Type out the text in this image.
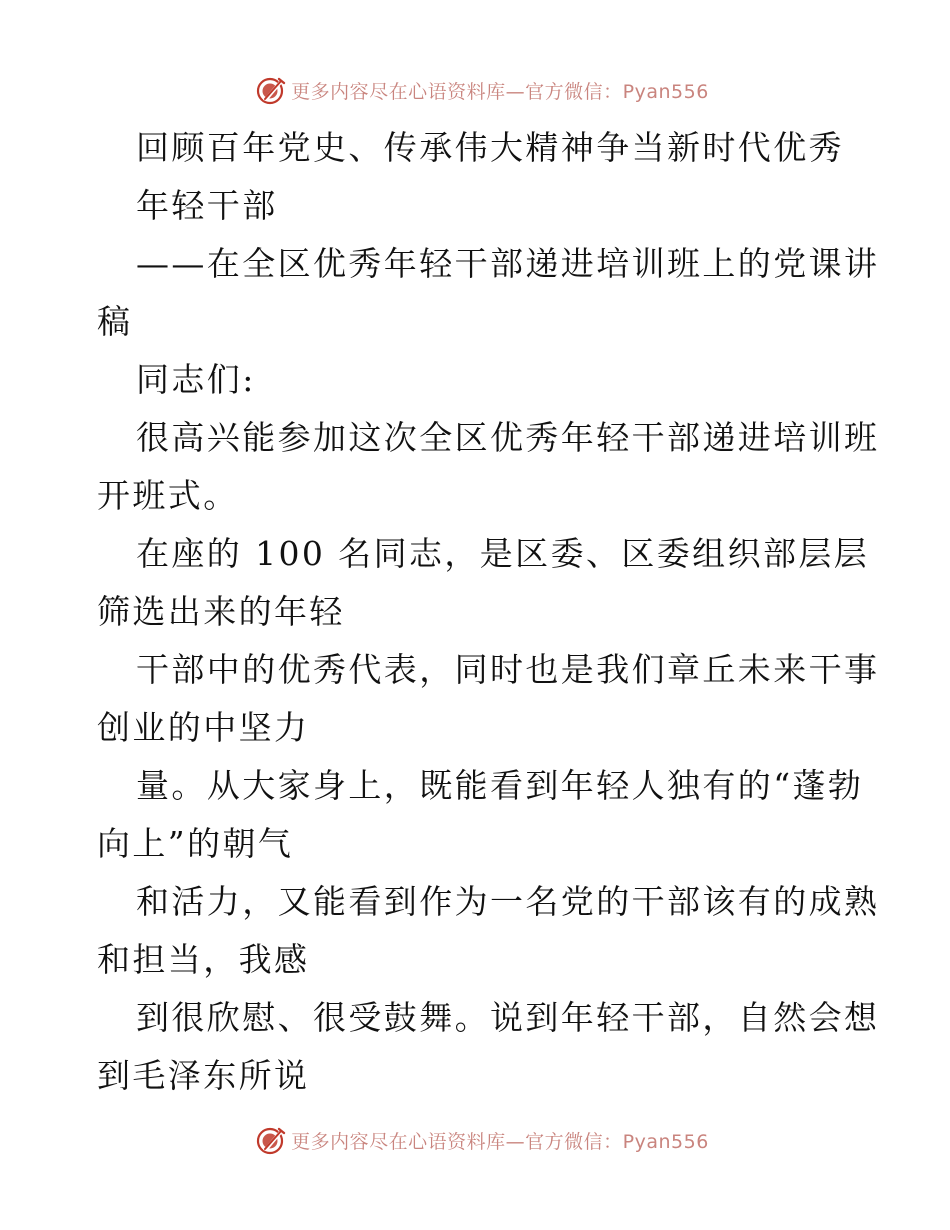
更多内容尽在心语资料库—官方微信：Pyan556
回顾百年党史、传承伟大精神争当新时代优秀
年轻干部
——在全区优秀年轻干部递进培训班上的党课讲
稿
同志们:
很高兴能参加这次全区优秀年轻干部递进培训班
开班式。
在座的 100 名同志，是区委、区委组织部层层
筛选出来的年轻
干部中的优秀代表，同时也是我们章丘未来干事
创业的中坚力
量。从大家身上，既能看到年轻人独有的“蓬勃
向上”的朝气
和活力，又能看到作为一名党的干部该有的成熟
和担当，我感
到很欣慰、很受鼓舞。说到年轻干部，自然会想
到毛泽东所说
更多内容尽在心语资料库—官方微信：Pyan556
